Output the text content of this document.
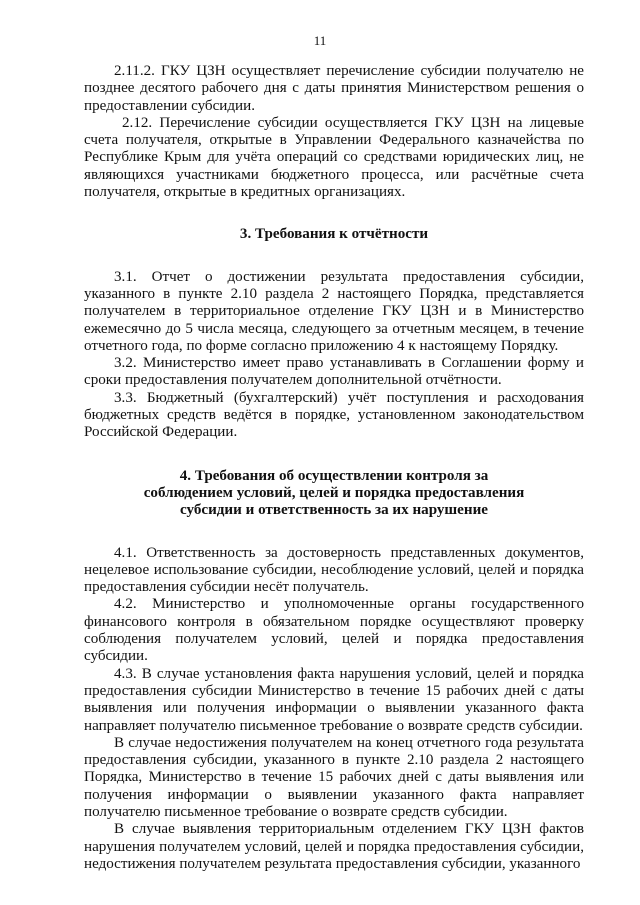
11

2.11.2. ГКУ ЦЗН осуществляет перечисление субсидии получателю не позднее десятого рабочего дня с даты принятия Министерством решения о предоставлении субсидии.

2.12. Перечисление субсидии осуществляется ГКУ ЦЗН на лицевые счета получателя, открытые в Управлении Федерального казначейства по Республике Крым для учёта операций со средствами юридических лиц, не являющихся участниками бюджетного процесса, или расчётные счета получателя, открытые в кредитных организациях.

3. Требования к отчётности

3.1. Отчет о достижении результата предоставления субсидии, указанного в пункте 2.10 раздела 2 настоящего Порядка, представляется получателем в территориальное отделение ГКУ ЦЗН и в Министерство ежемесячно до 5 числа месяца, следующего за отчетным месяцем, в течение отчетного года, по форме согласно приложению 4 к настоящему Порядку.

3.2. Министерство имеет право устанавливать в Соглашении форму и сроки предоставления получателем дополнительной отчётности.

3.3. Бюджетный (бухгалтерский) учёт поступления и расходования бюджетных средств ведётся в порядке, установленном законодательством Российской Федерации.

4. Требования об осуществлении контроля за
соблюдением условий, целей и порядка предоставления
субсидии и ответственность за их нарушение

4.1. Ответственность за достоверность представленных документов, нецелевое использование субсидии, несоблюдение условий, целей и порядка предоставления субсидии несёт получатель.

4.2. Министерство и уполномоченные органы государственного финансового контроля в обязательном порядке осуществляют проверку соблюдения получателем условий, целей и порядка предоставления субсидии.

4.3. В случае установления факта нарушения условий, целей и порядка предоставления субсидии Министерство в течение 15 рабочих дней с даты выявления или получения информации о выявлении указанного факта направляет получателю письменное требование о возврате средств субсидии.

В случае недостижения получателем на конец отчетного года результата предоставления субсидии, указанного в пункте 2.10 раздела 2 настоящего Порядка, Министерство в течение 15 рабочих дней с даты выявления или получения информации о выявлении указанного факта направляет получателю письменное требование о возврате средств субсидии.

В случае выявления территориальным отделением ГКУ ЦЗН фактов нарушения получателем условий, целей и порядка предоставления субсидии, недостижения получателем результата предоставления субсидии, указанного
